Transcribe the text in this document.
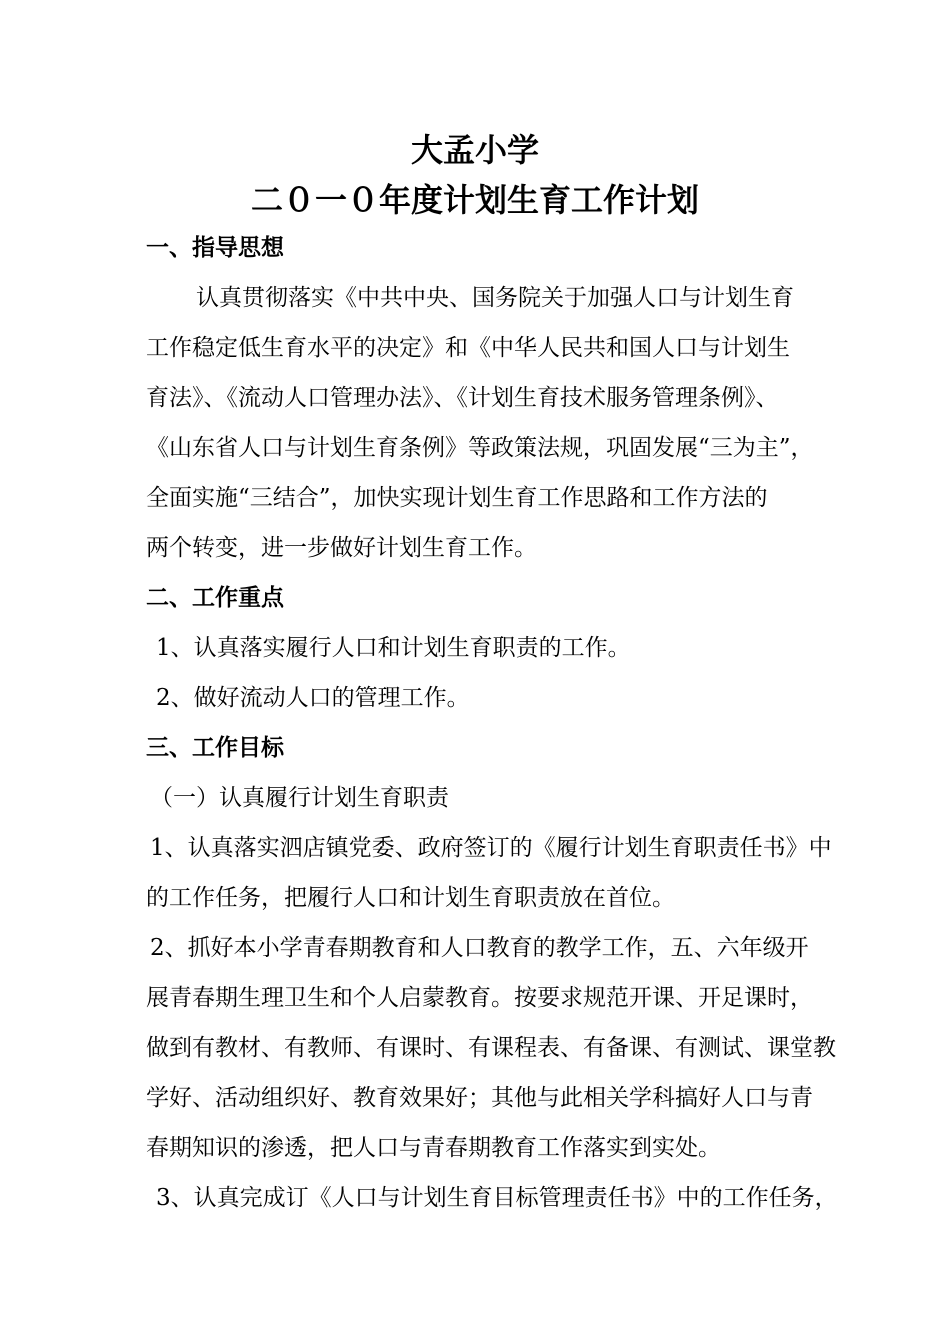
大孟小学
二０一０年度计划生育工作计划
一、指导思想
认真贯彻落实《中共中央、国务院关于加强人口与计划生育
工作稳定低生育水平的决定》和《中华人民共和国人口与计划生
育法》、《流动人口管理办法》、《计划生育技术服务管理条例》、
《山东省人口与计划生育条例》等政策法规，巩固发展“三为主”，
全面实施“三结合”，加快实现计划生育工作思路和工作方法的
两个转变，进一步做好计划生育工作。
二、工作重点
1、认真落实履行人口和计划生育职责的工作。
2、做好流动人口的管理工作。
三、工作目标
（一）认真履行计划生育职责
1、认真落实泗店镇党委、政府签订的《履行计划生育职责任书》中
的工作任务，把履行人口和计划生育职责放在首位。
2、抓好本小学青春期教育和人口教育的教学工作，五、六年级开
展青春期生理卫生和个人启蒙教育。按要求规范开课、开足课时，
做到有教材、有教师、有课时、有课程表、有备课、有测试、课堂教
学好、活动组织好、教育效果好；其他与此相关学科搞好人口与青
春期知识的渗透，把人口与青春期教育工作落实到实处。
3、认真完成订《人口与计划生育目标管理责任书》中的工作任务，
